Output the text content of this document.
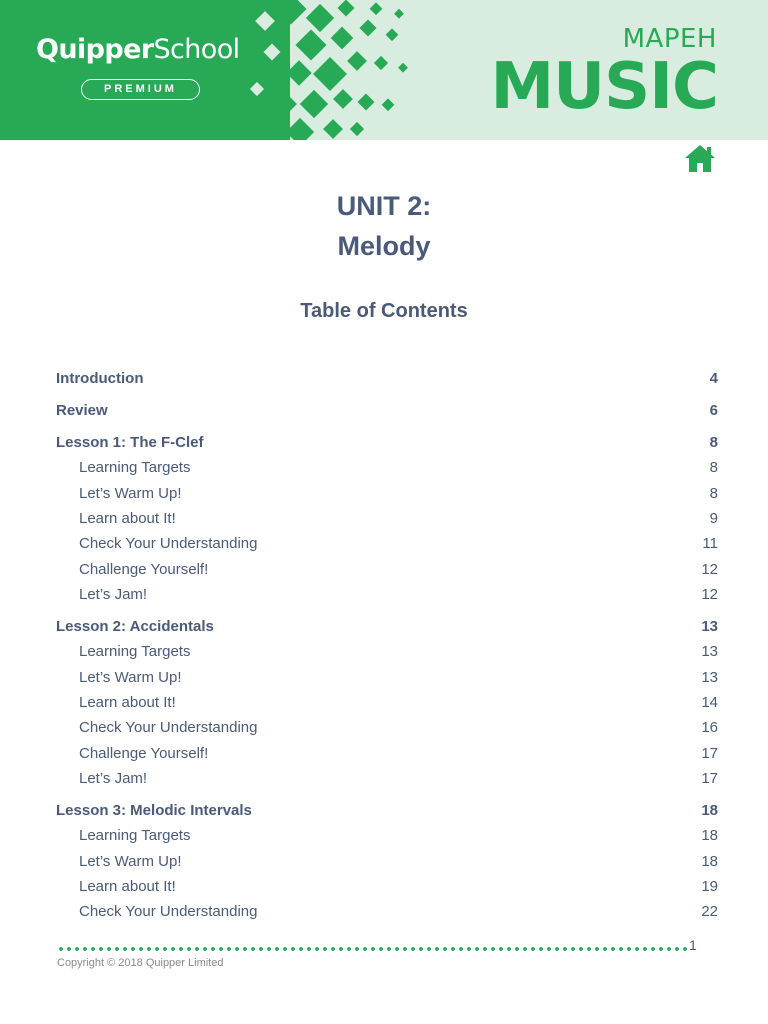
QuipperSchool
PREMIUM
MAPEH
MUSIC
UNIT 2:
Melody
Table of Contents
Introduction	4
Review	6
Lesson 1: The F-Clef	8
Learning Targets	8
Let’s Warm Up!	8
Learn about It!	9
Check Your Understanding	11
Challenge Yourself!	12
Let’s Jam!	12
Lesson 2: Accidentals	13
Learning Targets	13
Let’s Warm Up!	13
Learn about It!	14
Check Your Understanding	16
Challenge Yourself!	17
Let’s Jam!	17
Lesson 3: Melodic Intervals	18
Learning Targets	18
Let’s Warm Up!	18
Learn about It!	19
Check Your Understanding	22
1
Copyright © 2018 Quipper Limited
